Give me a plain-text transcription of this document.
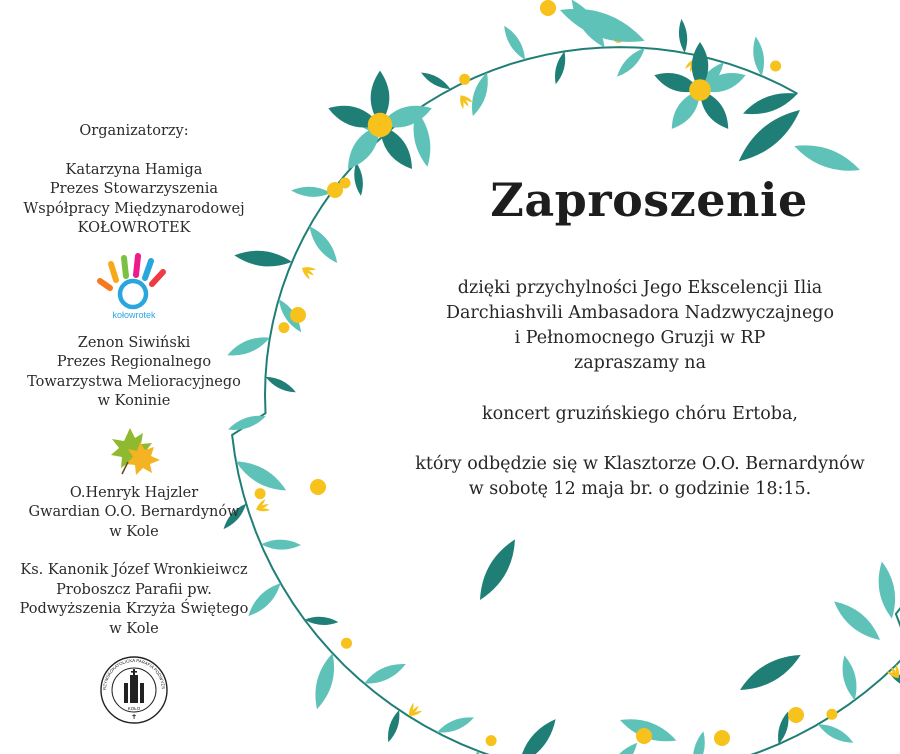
Organizatorzy:
Katarzyna Hamiga
Prezes Stowarzyszenia
Współpracy Międzynarodowej
KOŁOWROTEK
kołowrotek
Zenon Siwiński
Prezes Regionalnego
Towarzystwa Melioracyjnego
w Koninie
O.Henryk Hajzler
Gwardian O.O. Bernardynów
w Kole
Ks. Kanonik Józef Wronkieiwcz
Proboszcz Parafii pw.
Podwyższenia Krzyża Świętego
w Kole
RZYMSKOKATOLICKA PARAFIA PODWYŻS
KOŁO
✝
Zaproszenie
dzięki przychylności Jego Ekscelencji Ilia
Darchiashvili Ambasadora Nadzwyczajnego
i Pełnomocnego Gruzji w RP
zapraszamy na
koncert gruzińskiego chóru Ertoba,
który odbędzie się w Klasztorze O.O. Bernardynów
w sobotę 12 maja br. o godzinie 18:15.
